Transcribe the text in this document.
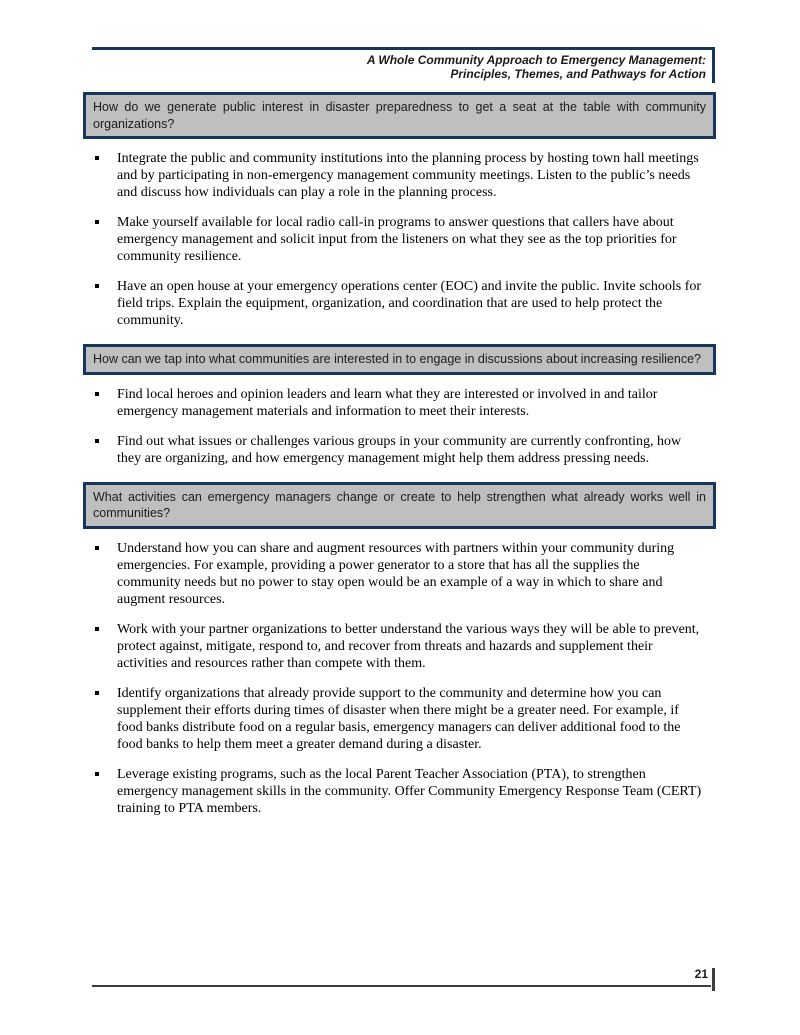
A Whole Community Approach to Emergency Management:
Principles, Themes, and Pathways for Action
How do we generate public interest in disaster preparedness to get a seat at the table with community organizations?
Integrate the public and community institutions into the planning process by hosting town hall meetings and by participating in non-emergency management community meetings. Listen to the public’s needs and discuss how individuals can play a role in the planning process.
Make yourself available for local radio call-in programs to answer questions that callers have about emergency management and solicit input from the listeners on what they see as the top priorities for community resilience.
Have an open house at your emergency operations center (EOC) and invite the public. Invite schools for field trips. Explain the equipment, organization, and coordination that are used to help protect the community.
How can we tap into what communities are interested in to engage in discussions about increasing resilience?
Find local heroes and opinion leaders and learn what they are interested or involved in and tailor emergency management materials and information to meet their interests.
Find out what issues or challenges various groups in your community are currently confronting, how they are organizing, and how emergency management might help them address pressing needs.
What activities can emergency managers change or create to help strengthen what already works well in communities?
Understand how you can share and augment resources with partners within your community during emergencies. For example, providing a power generator to a store that has all the supplies the community needs but no power to stay open would be an example of a way in which to share and augment resources.
Work with your partner organizations to better understand the various ways they will be able to prevent, protect against, mitigate, respond to, and recover from threats and hazards and supplement their activities and resources rather than compete with them.
Identify organizations that already provide support to the community and determine how you can supplement their efforts during times of disaster when there might be a greater need. For example, if food banks distribute food on a regular basis, emergency managers can deliver additional food to the food banks to help them meet a greater demand during a disaster.
Leverage existing programs, such as the local Parent Teacher Association (PTA), to strengthen emergency management skills in the community. Offer Community Emergency Response Team (CERT) training to PTA members.
21
